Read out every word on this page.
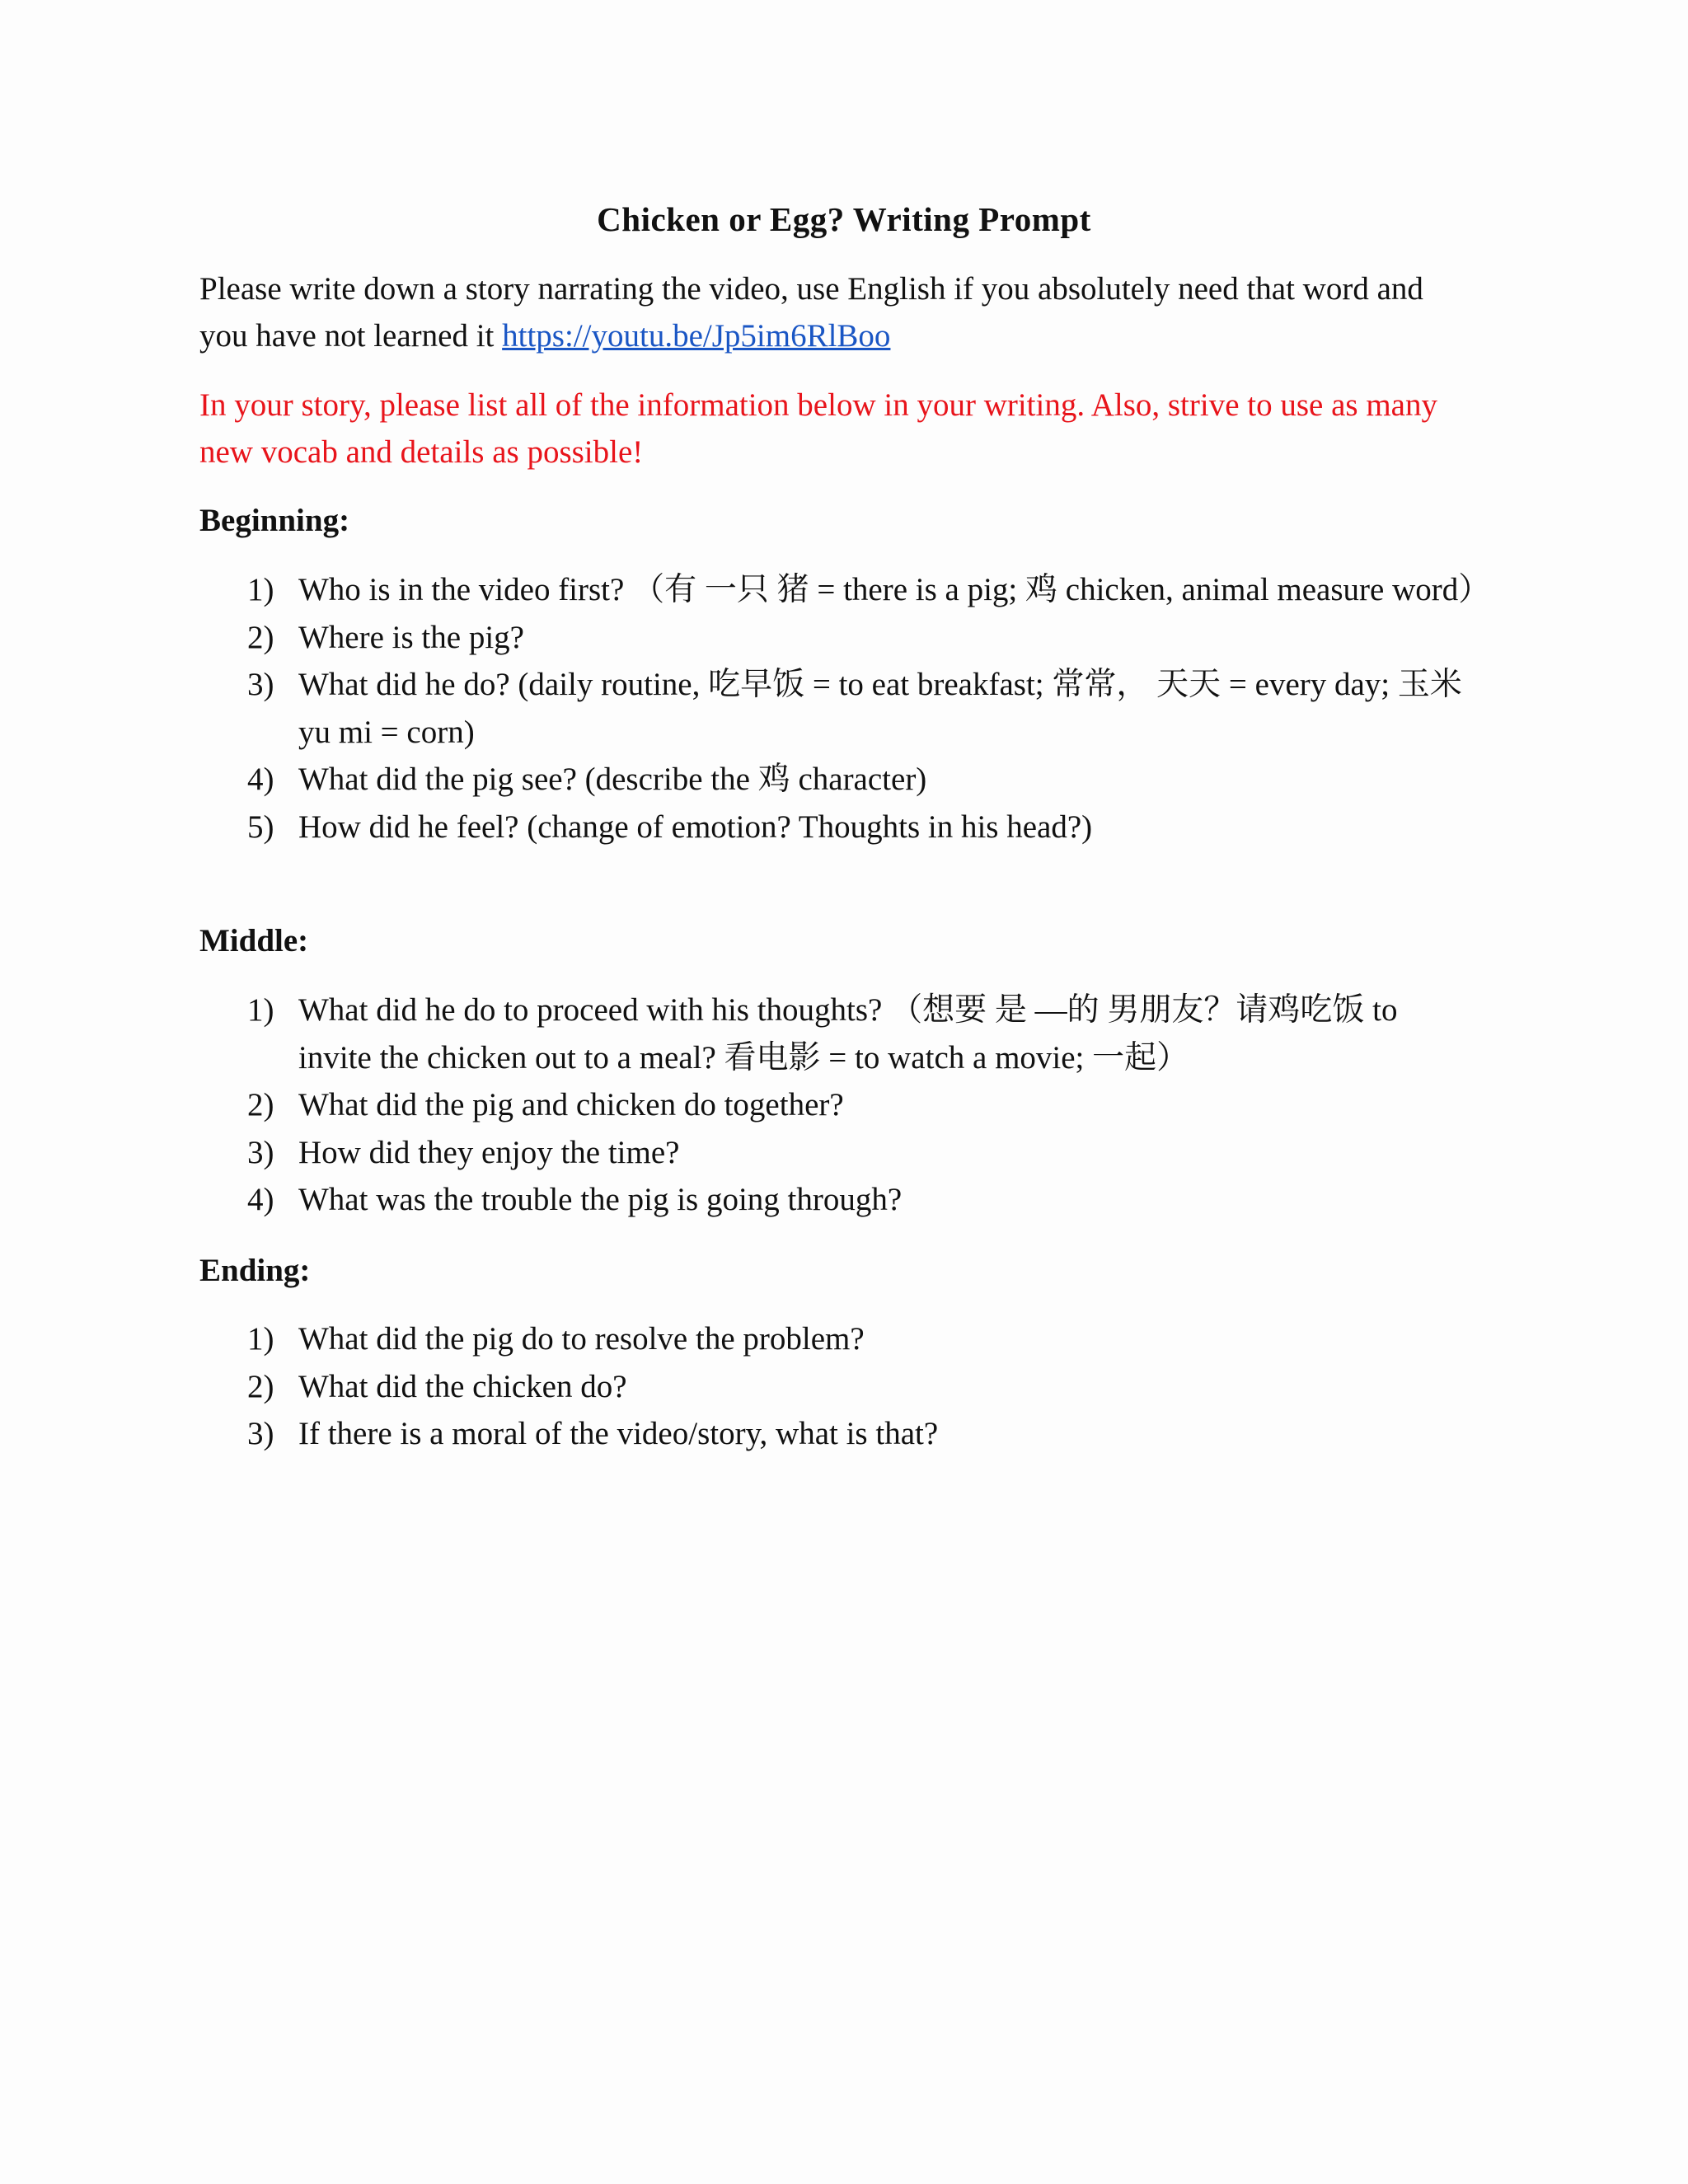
Chicken or Egg? Writing Prompt

Please write down a story narrating the video, use English if you absolutely need that word and you have not learned it https://youtu.be/Jp5im6RlBoo

In your story, please list all of the information below in your writing. Also, strive to use as many new vocab and details as possible!

Beginning:
1) Who is in the video first? （有 一只 猪 = there is a pig; 鸡 chicken, animal measure word）
2) Where is the pig?
3) What did he do? (daily routine, 吃早饭 = to eat breakfast; 常常， 天天 = every day; 玉米 yu mi = corn)
4) What did the pig see? (describe the 鸡 character)
5) How did he feel? (change of emotion? Thoughts in his head?)
Middle:
1) What did he do to proceed with his thoughts? （想要 是 —的 男朋友？请鸡吃饭 to invite the chicken out to a meal? 看电影 = to watch a movie; 一起）
2) What did the pig and chicken do together?
3) How did they enjoy the time?
4) What was the trouble the pig is going through?
Ending:
1) What did the pig do to resolve the problem?
2) What did the chicken do?
3) If there is a moral of the video/story, what is that?
